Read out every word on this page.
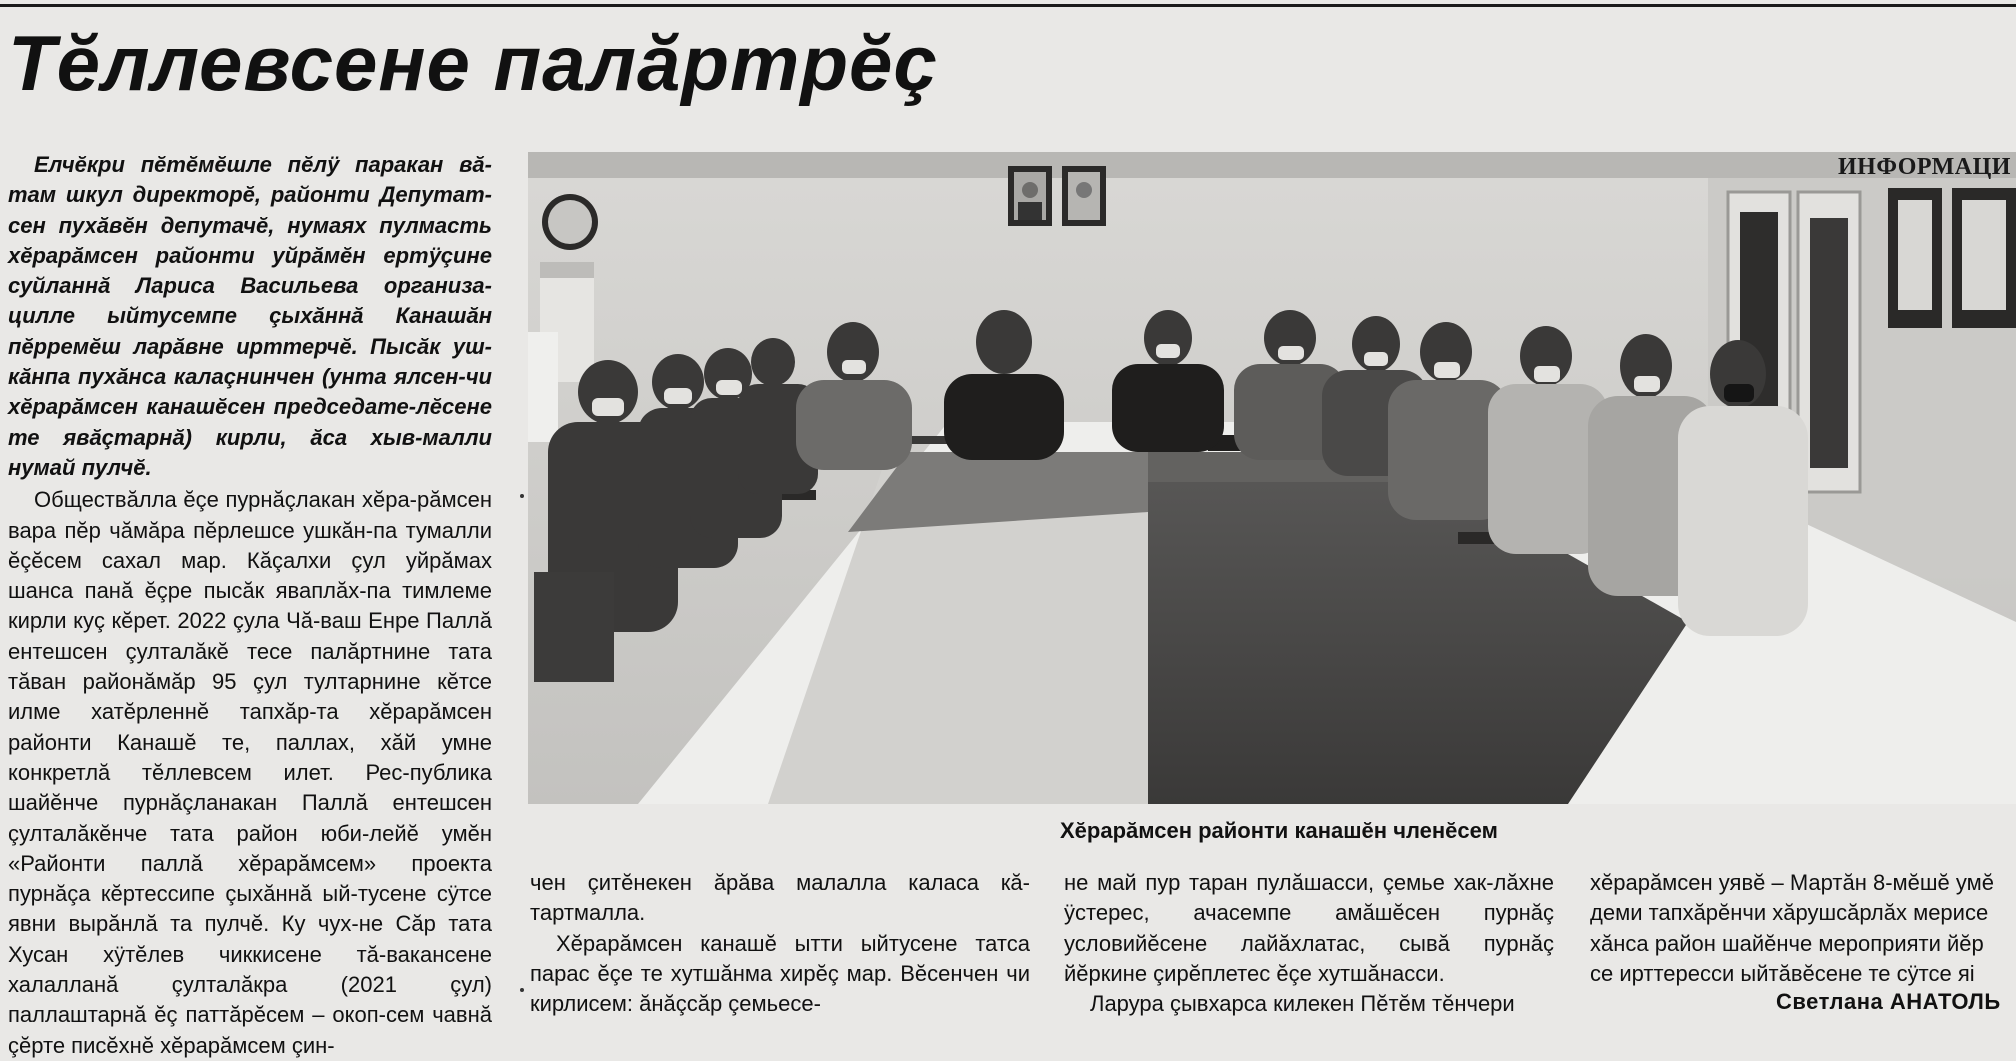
Тĕллевсене палăртрĕç

Елчĕкри пĕтĕмĕшле пĕлÿ паракан вă-там шкул директорĕ, районти Депутат-сен пухăвĕн депутачĕ, нумаях пулмасть хĕрарăмсен районти уйрăмĕн ертÿçине суйланнă Лариса Васильева организа-цилле ыйтусемпе çыхăннă Канашăн пĕрремĕш ларăвне ирттерчĕ. Пысăк уш-кăнпа пухăнса калаçнинчен (унта ялсен-чи хĕрарăмсен канашĕсен председате-лĕсене те явăçтарнă) кирли, ăса хыв-малли нумай пулчĕ.

Обществăлла ĕçе пурнăçлакан хĕра-рăмсен вара пĕр чăмăра пĕрлешсе ушкăн-па тумалли ĕçĕсем сахал мар. Кăçалхи çул уйрăмах шанса панă ĕçре пысăк яваплăх-па тимлеме кирли куç кĕрет. 2022 çула Чă-ваш Енре Паллă ентешсен çулталăкĕ тесе палăртнине тата тăван районăмăр 95 çул тултарнине кĕтсе илме хатĕрленнĕ тапхăр-та хĕрарăмсен районти Канашĕ те, паллах, хăй умне конкретлă тĕллевсем илет. Рес-публика шайĕнче пурнăçланакан Паллă ентешсен çулталăкĕнче тата район юби-лейĕ умĕн «Районти паллă хĕрарăмсем» проекта пурнăçа кĕртессипе çыхăннă ый-тусене сÿтсе явни вырăнлă та пулчĕ. Ку чух-не Сăр тата Хусан хÿтĕлев чиккисене тă-вакансене халалланă çулталăкра (2021 çул) паллаштарнă ĕç паттăрĕсем – окоп-сем чавнă çĕрте писĕхнĕ хĕрарăмсем çин-

ИНФОРМАЦИ

Хĕрарăмсен районти канашĕн членĕсем

чен çитĕнекен ăрăва малалла каласа кă-тартмалла.

Хĕрарăмсен канашĕ ытти ыйтусене татса парас ĕçе те хутшăнма хирĕç мар. Вĕсенчен чи кирлисем: ăнăçсăр çемьесе-

не май пур таран пулăшасси, çемье хак-лăхне ÿстерес, ачасемпе амăшĕсен пурнăç условийĕсене лайăхлатас, сывă пурнăç йĕркине çирĕплетес ĕçе хутшăнасси.

Ларура çывхарса килекен Пĕтĕм тĕнчери

хĕрарăмсен уявĕ – Мартăн 8-мĕшĕ умĕ

деми тапхăрĕнчи хăрушсăрлăх мерисе

хăнса район шайĕнче мероприяти йĕр

се ирттересси ыйтăвĕсене те сÿтсе яі

Светлана АНАТОЛЬ
